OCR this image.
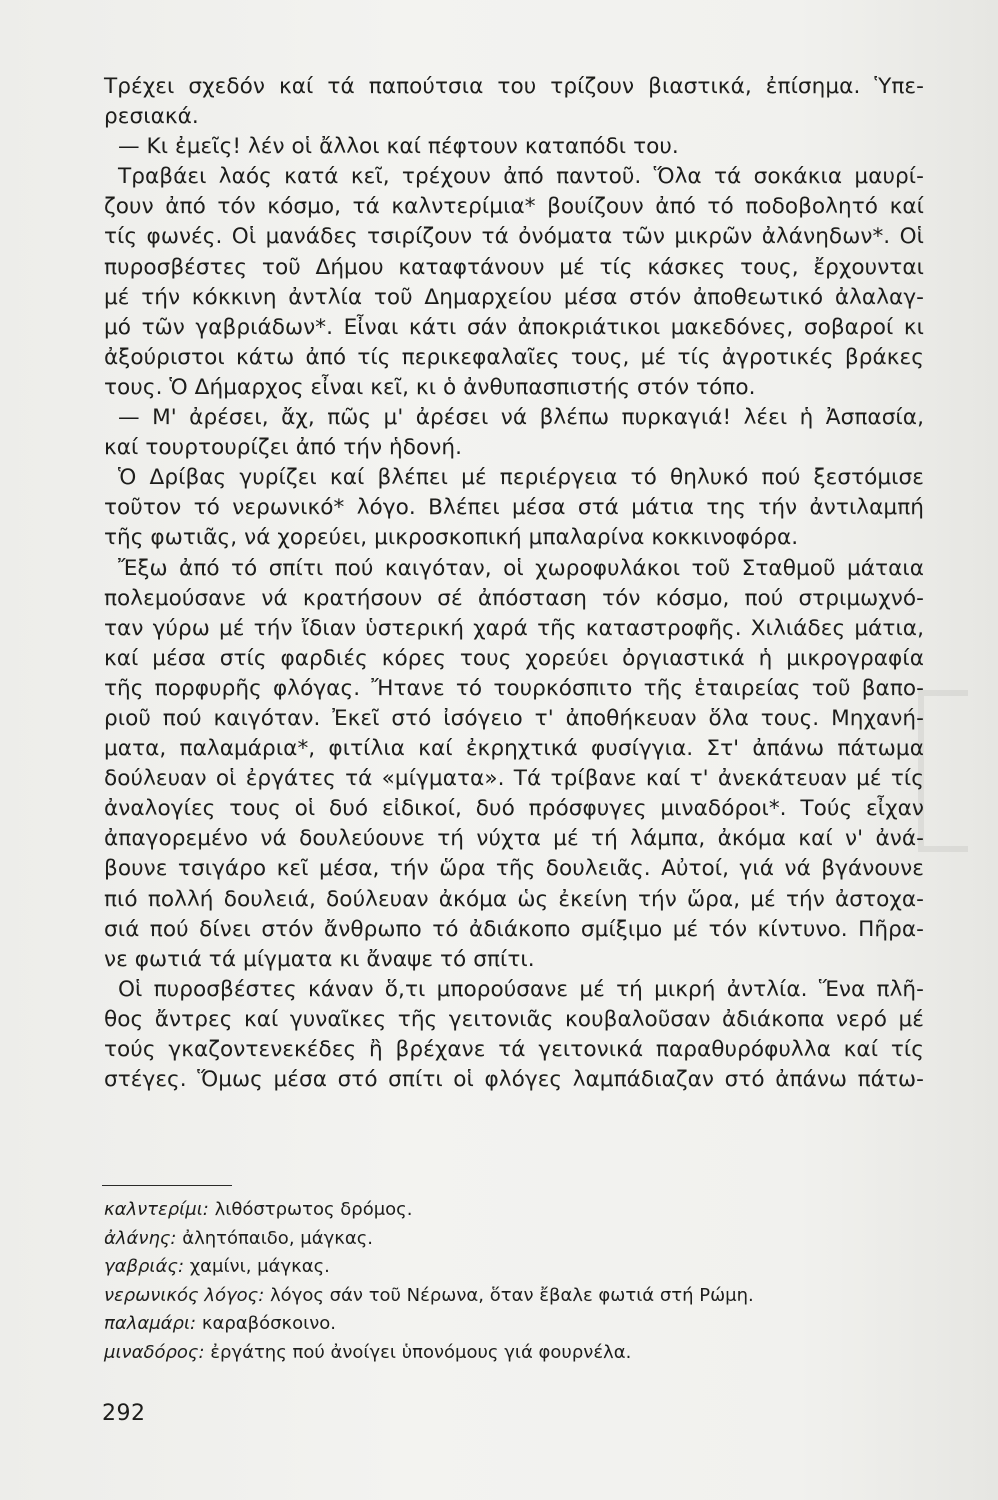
Τρέχει σχεδόν καί τά παπούτσια του τρίζουν βιαστικά, ἐπίσημα. Ὑπε-
ρεσιακά.
— Κι ἐμεῖς! λέν οἱ ἄλλοι καί πέφτουν καταπόδι του.
Τραβάει λαός κατά κεῖ, τρέχουν ἀπό παντοῦ. Ὅλα τά σοκάκια μαυρί-
ζουν ἀπό τόν κόσμο, τά καλντερίμια* βουίζουν ἀπό τό ποδοβολητό καί
τίς φωνές. Οἱ μανάδες τσιρίζουν τά ὀνόματα τῶν μικρῶν ἀλάνηδων*. Οἱ
πυροσβέστες τοῦ Δήμου καταφτάνουν μέ τίς κάσκες τους, ἔρχουνται
μέ τήν κόκκινη ἀντλία τοῦ Δημαρχείου μέσα στόν ἀποθεωτικό ἀλαλαγ-
μό τῶν γαβριάδων*. Εἶναι κάτι σάν ἀποκριάτικοι μακεδόνες, σοβαροί κι
ἀξούριστοι κάτω ἀπό τίς περικεφαλαῖες τους, μέ τίς ἀγροτικές βράκες
τους. Ὁ Δήμαρχος εἶναι κεῖ, κι ὁ ἀνθυπασπιστής στόν τόπο.
— Μ' ἀρέσει, ἄχ, πῶς μ' ἀρέσει νά βλέπω πυρκαγιά! λέει ἡ Ἀσπασία,
καί τουρτουρίζει ἀπό τήν ἡδονή.
Ὁ Δρίβας γυρίζει καί βλέπει μέ περιέργεια τό θηλυκό πού ξεστόμισε
τοῦτον τό νερωνικό* λόγο. Βλέπει μέσα στά μάτια της τήν ἀντιλαμπή
τῆς φωτιᾶς, νά χορεύει, μικροσκοπική μπαλαρίνα κοκκινοφόρα.
Ἔξω ἀπό τό σπίτι πού καιγόταν, οἱ χωροφυλάκοι τοῦ Σταθμοῦ μάταια
πολεμούσανε νά κρατήσουν σέ ἀπόσταση τόν κόσμο, πού στριμωχνό-
ταν γύρω μέ τήν ἴδιαν ὑστερική χαρά τῆς καταστροφῆς. Χιλιάδες μάτια,
καί μέσα στίς φαρδιές κόρες τους χορεύει ὀργιαστικά ἡ μικρογραφία
τῆς πορφυρῆς φλόγας. Ἤτανε τό τουρκόσπιτο τῆς ἑταιρείας τοῦ βαπο-
ριοῦ πού καιγόταν. Ἐκεῖ στό ἰσόγειο τ' ἀποθήκευαν ὅλα τους. Μηχανή-
ματα, παλαμάρια*, φιτίλια καί ἐκρηχτικά φυσίγγια. Στ' ἀπάνω πάτωμα
δούλευαν οἱ ἐργάτες τά «μίγματα». Τά τρίβανε καί τ' ἀνεκάτευαν μέ τίς
ἀναλογίες τους οἱ δυό εἰδικοί, δυό πρόσφυγες μιναδόροι*. Τούς εἶχαν
ἀπαγορεμένο νά δουλεύουνε τή νύχτα μέ τή λάμπα, ἀκόμα καί ν' ἀνά-
βουνε τσιγάρο κεῖ μέσα, τήν ὥρα τῆς δουλειᾶς. Αὐτοί, γιά νά βγάνουνε
πιό πολλή δουλειά, δούλευαν ἀκόμα ὡς ἐκείνη τήν ὥρα, μέ τήν ἀστοχα-
σιά πού δίνει στόν ἄνθρωπο τό ἀδιάκοπο σμίξιμο μέ τόν κίντυνο. Πῆρα-
νε φωτιά τά μίγματα κι ἄναψε τό σπίτι.
Οἱ πυροσβέστες κάναν ὅ,τι μπορούσανε μέ τή μικρή ἀντλία. Ἕνα πλῆ-
θος ἄντρες καί γυναῖκες τῆς γειτονιᾶς κουβαλοῦσαν ἀδιάκοπα νερό μέ
τούς γκαζοντενεκέδες ἢ βρέχανε τά γειτονικά παραθυρόφυλλα καί τίς
στέγες. Ὅμως μέσα στό σπίτι οἱ φλόγες λαμπάδιαζαν στό ἀπάνω πάτω-
καλντερίμι: λιθόστρωτος δρόμος.
ἀλάνης: ἀλητόπαιδο, μάγκας.
γαβριάς: χαμίνι, μάγκας.
νερωνικός λόγος: λόγος σάν τοῦ Νέρωνα, ὅταν ἔβαλε φωτιά στή Ρώμη.
παλαμάρι: καραβόσκοινο.
μιναδόρος: ἐργάτης πού ἀνοίγει ὑπονόμους γιά φουρνέλα.
292
